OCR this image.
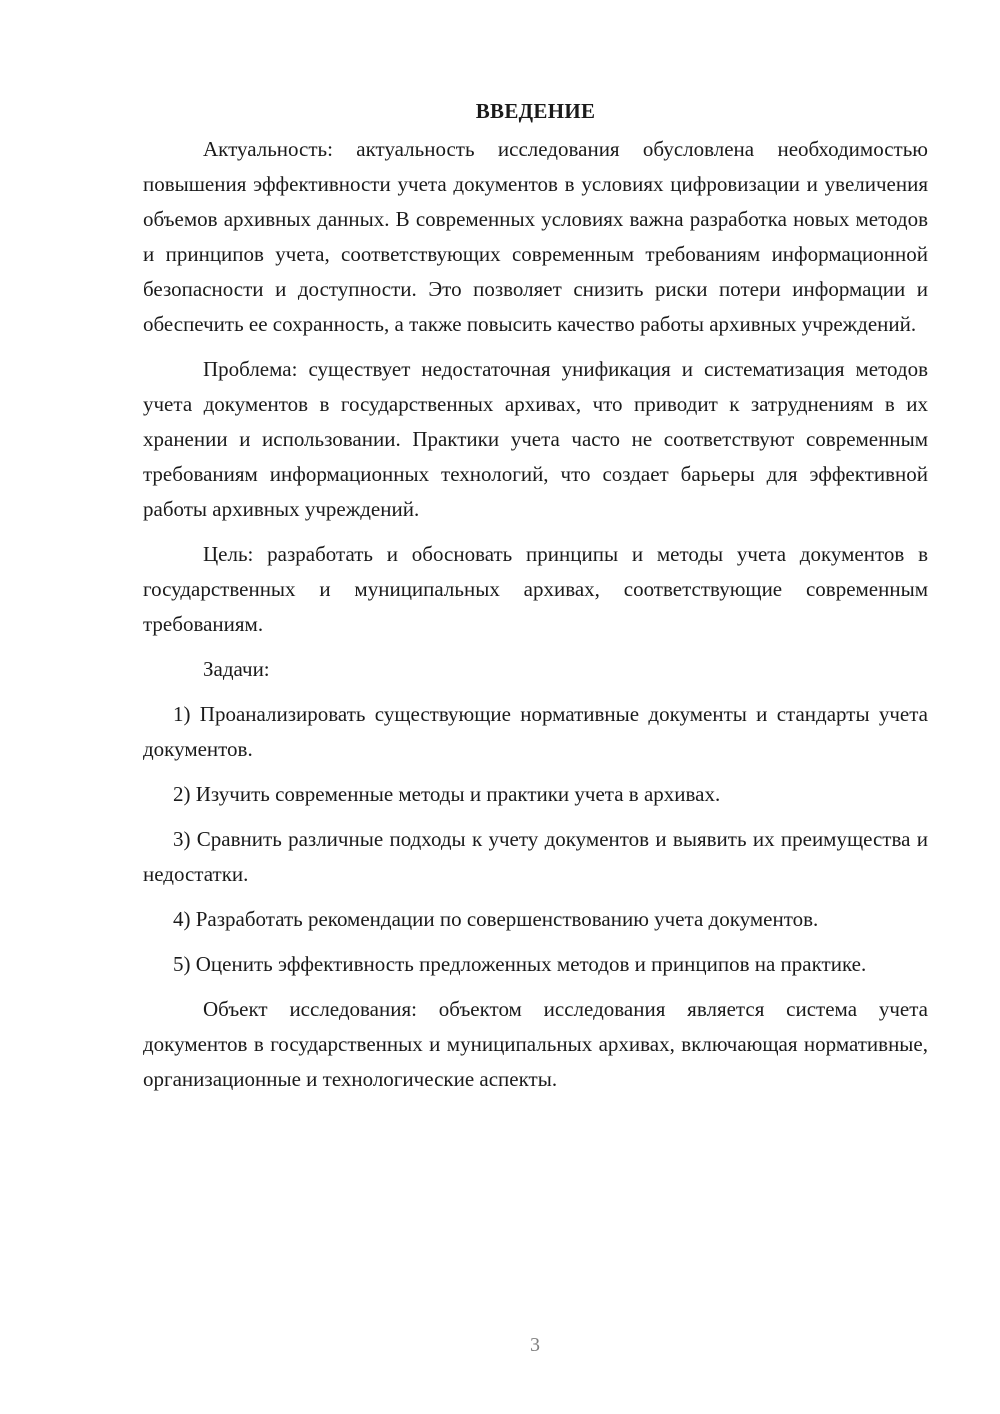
ВВЕДЕНИЕ

Актуальность: актуальность исследования обусловлена необходимостью повышения эффективности учета документов в условиях цифровизации и увеличения объемов архивных данных. В современных условиях важна разработка новых методов и принципов учета, соответствующих современным требованиям информационной безопасности и доступности. Это позволяет снизить риски потери информации и обеспечить ее сохранность, а также повысить качество работы архивных учреждений.

Проблема: существует недостаточная унификация и систематизация методов учета документов в государственных архивах, что приводит к затруднениям в их хранении и использовании. Практики учета часто не соответствуют современным требованиям информационных технологий, что создает барьеры для эффективной работы архивных учреждений.

Цель: разработать и обосновать принципы и методы учета документов в государственных и муниципальных архивах, соответствующие современным требованиям.

Задачи:

1) Проанализировать существующие нормативные документы и стандарты учета документов.

2) Изучить современные методы и практики учета в архивах.

3) Сравнить различные подходы к учету документов и выявить их преимущества и недостатки.

4) Разработать рекомендации по совершенствованию учета документов.

5) Оценить эффективность предложенных методов и принципов на практике.

Объект исследования: объектом исследования является система учета документов в государственных и муниципальных архивах, включающая нормативные, организационные и технологические аспекты.

3
